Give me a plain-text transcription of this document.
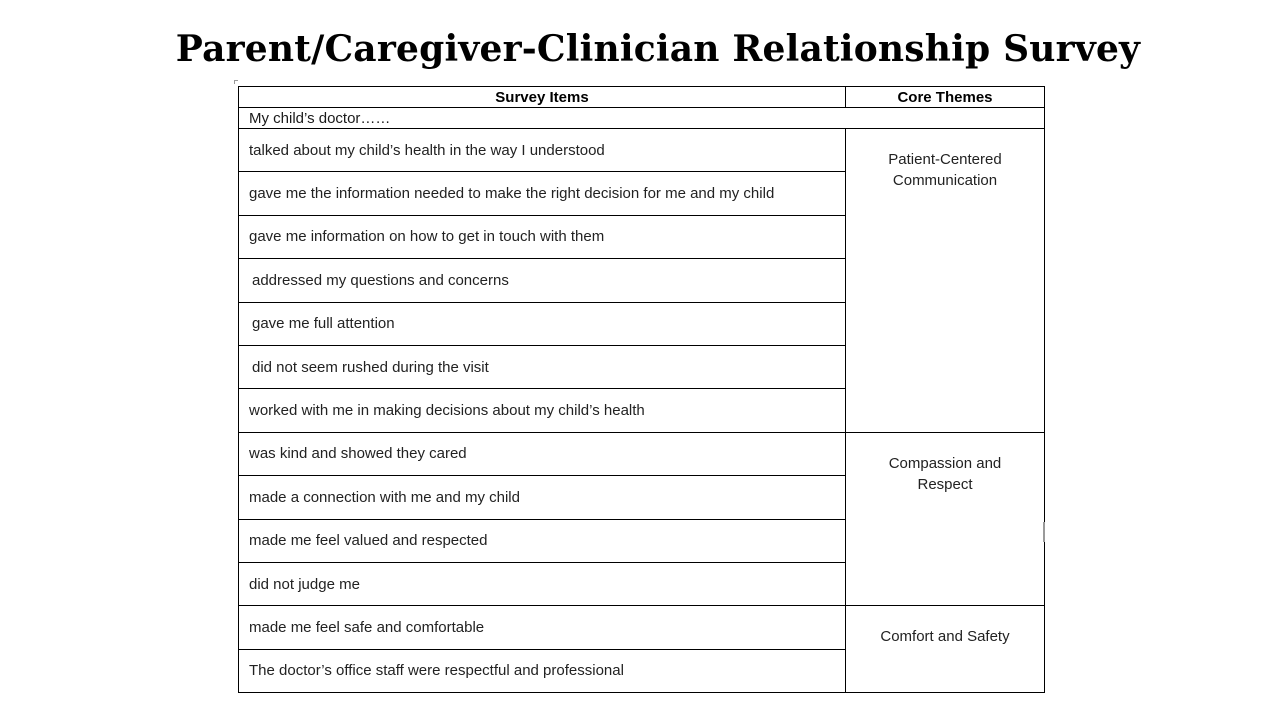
Parent/Caregiver-Clinician Relationship Survey
Survey Items	Core Themes
My child’s doctor……	
talked about my child’s health in the way I understood	Patient-Centered Communication
gave me the information needed to make the right decision for me and my child	
gave me information on how to get in touch with them	
addressed my questions and concerns	
gave me full attention	
did not seem rushed during the visit	
worked with me in making decisions about my child’s health	
was kind and showed they cared	Compassion and Respect
made a connection with me and my child	
made me feel valued and respected	
did not judge me	
made me feel safe and comfortable	Comfort and Safety
The doctor’s office staff were respectful and professional	
